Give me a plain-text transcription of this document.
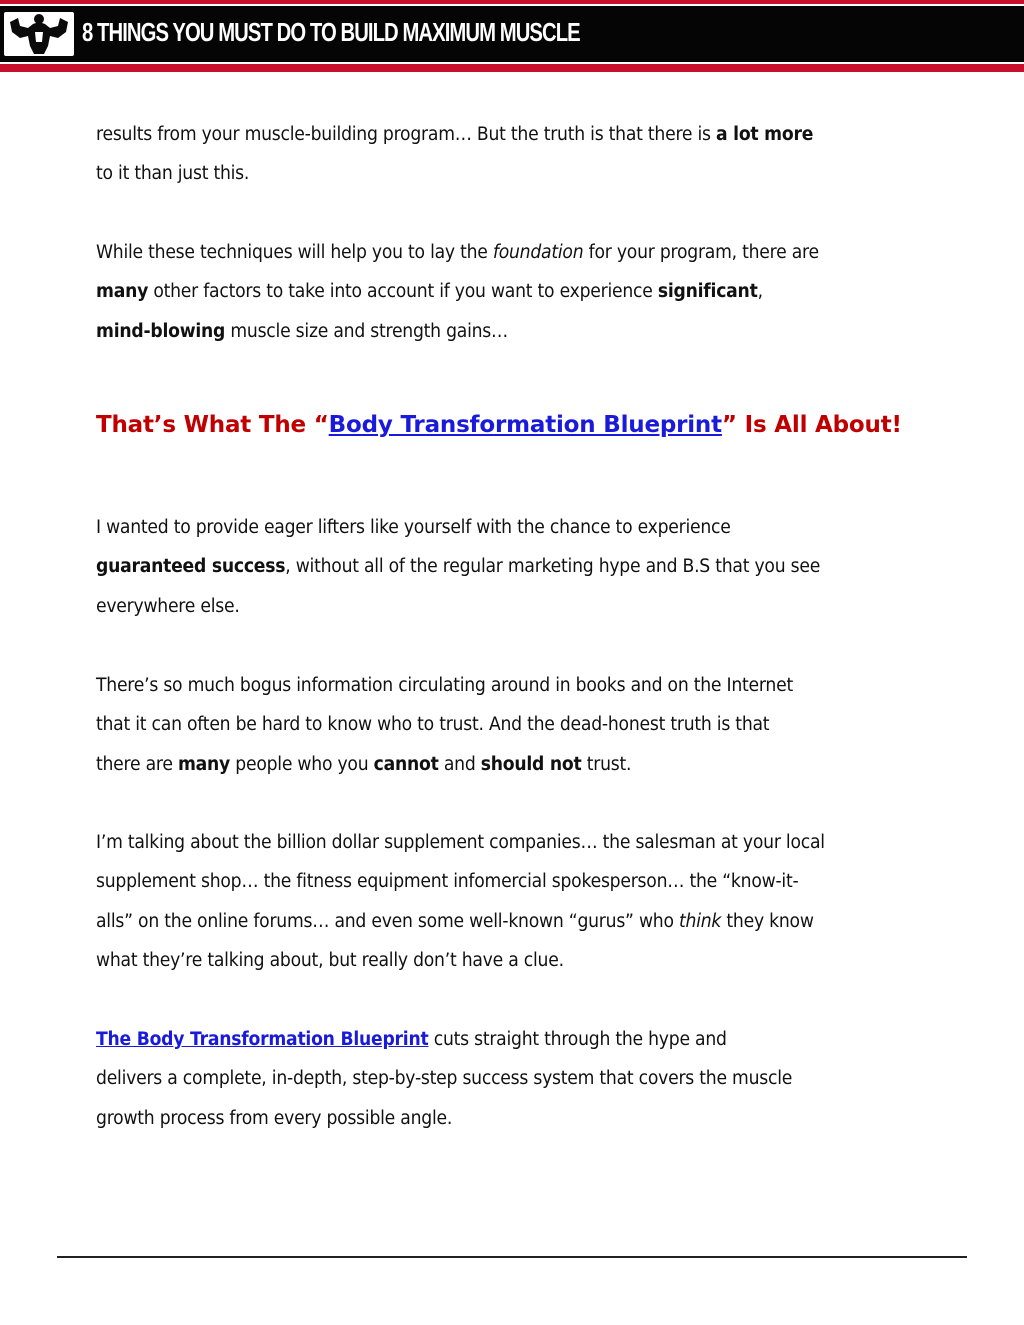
8 THINGS YOU MUST DO TO BUILD MAXIMUM MUSCLE

results from your muscle-building program… But the truth is that there is a lot more
to it than just this.

While these techniques will help you to lay the foundation for your program, there are
many other factors to take into account if you want to experience significant,
mind-blowing muscle size and strength gains…

That’s What The “Body Transformation Blueprint” Is All About!

I wanted to provide eager lifters like yourself with the chance to experience
guaranteed success, without all of the regular marketing hype and B.S that you see
everywhere else.

There’s so much bogus information circulating around in books and on the Internet
that it can often be hard to know who to trust. And the dead-honest truth is that
there are many people who you cannot and should not trust.

I’m talking about the billion dollar supplement companies… the salesman at your local
supplement shop… the fitness equipment infomercial spokesperson… the “know-it-
alls” on the online forums… and even some well-known “gurus” who think they know
what they’re talking about, but really don’t have a clue.

The Body Transformation Blueprint cuts straight through the hype and
delivers a complete, in-depth, step-by-step success system that covers the muscle
growth process from every possible angle.
